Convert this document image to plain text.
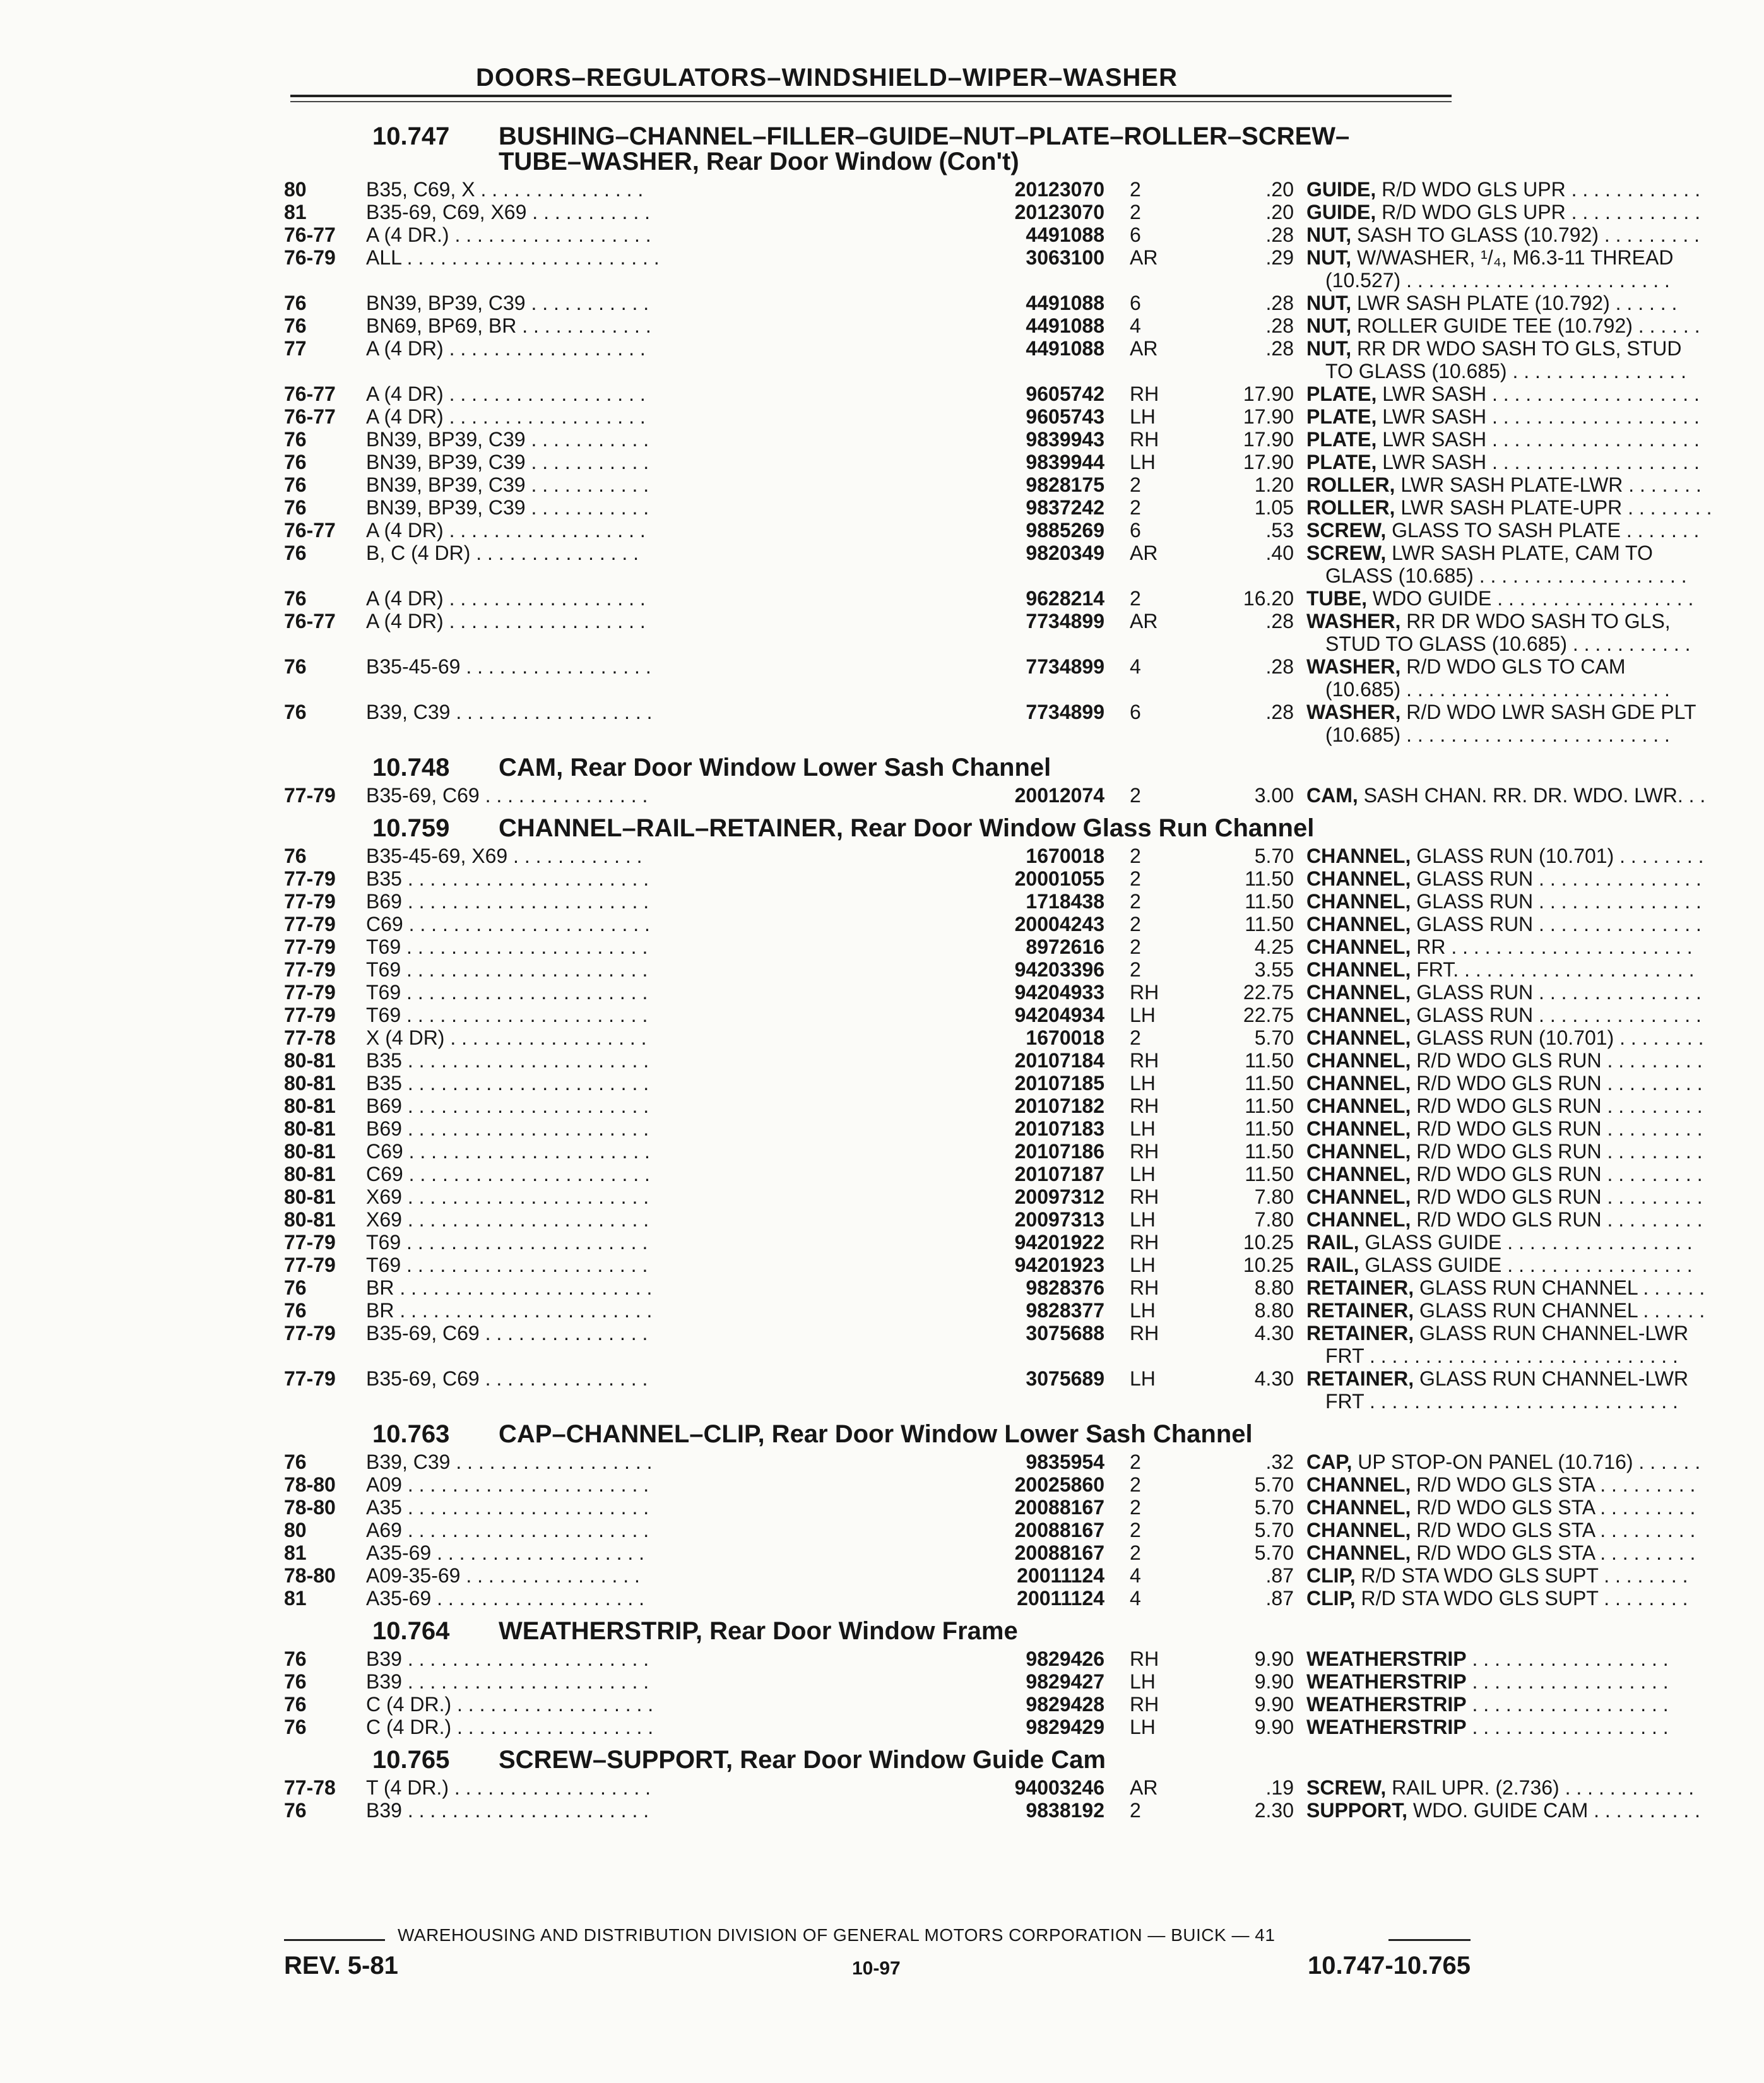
DOORS–REGULATORS–WINDSHIELD–WIPER–WASHER
10.747 BUSHING–CHANNEL–FILLER–GUIDE–NUT–PLATE–ROLLER–SCREW–
TUBE–WASHER, Rear Door Window (Con't)
80	B35, C69, X . . . . . . . . . . . . . . .	20123070 2	.20 GUIDE, R/D WDO GLS UPR . . . . . . . . . . . .
81	B35-69, C69, X69 . . . . . . . . . . .	20123070 2	.20 GUIDE, R/D WDO GLS UPR . . . . . . . . . . . .
76-77 A (4 DR.) . . . . . . . . . . . . . . . . . .	4491088 6	.28 NUT, SASH TO GLASS (10.792) . . . . . . . . .
76-79 ALL . . . . . . . . . . . . . . . . . . . . . . .	3063100 AR	.29 NUT, W/WASHER, ¹/₄, M6.3-11 THREAD
(10.527) . . . . . . . . . . . . . . . . . . . . . . . .
76	BN39, BP39, C39 . . . . . . . . . . .	4491088 6	.28 NUT, LWR SASH PLATE (10.792) . . . . . .
76	BN69, BP69, BR . . . . . . . . . . . .	4491088 4	.28 NUT, ROLLER GUIDE TEE (10.792) . . . . . .
77	A (4 DR) . . . . . . . . . . . . . . . . . .	4491088 AR	.28 NUT, RR DR WDO SASH TO GLS, STUD
TO GLASS (10.685) . . . . . . . . . . . . . . . .
76-77 A (4 DR) . . . . . . . . . . . . . . . . . .	9605742 RH	17.90 PLATE, LWR SASH . . . . . . . . . . . . . . . . . . .
76-77 A (4 DR) . . . . . . . . . . . . . . . . . .	9605743 LH	17.90 PLATE, LWR SASH . . . . . . . . . . . . . . . . . . .
76	BN39, BP39, C39 . . . . . . . . . . .	9839943 RH	17.90 PLATE, LWR SASH . . . . . . . . . . . . . . . . . . .
76	BN39, BP39, C39 . . . . . . . . . . .	9839944 LH	17.90 PLATE, LWR SASH . . . . . . . . . . . . . . . . . . .
76	BN39, BP39, C39 . . . . . . . . . . .	9828175 2	1.20 ROLLER, LWR SASH PLATE-LWR . . . . . . .
76	BN39, BP39, C39 . . . . . . . . . . .	9837242 2	1.05 ROLLER, LWR SASH PLATE-UPR . . . . . . . .
76-77 A (4 DR) . . . . . . . . . . . . . . . . . .	9885269 6	.53 SCREW, GLASS TO SASH PLATE . . . . . . .
76	B, C (4 DR) . . . . . . . . . . . . . . .	9820349 AR	.40 SCREW, LWR SASH PLATE, CAM TO
GLASS (10.685) . . . . . . . . . . . . . . . . . . .
76	A (4 DR) . . . . . . . . . . . . . . . . . .	9628214 2	16.20 TUBE, WDO GUIDE . . . . . . . . . . . . . . . . . .
76-77 A (4 DR) . . . . . . . . . . . . . . . . . .	7734899 AR	.28 WASHER, RR DR WDO SASH TO GLS,
STUD TO GLASS (10.685) . . . . . . . . . . .
76	B35-45-69 . . . . . . . . . . . . . . . . .	7734899 4	.28 WASHER, R/D WDO GLS TO CAM
(10.685) . . . . . . . . . . . . . . . . . . . . . . . .
76	B39, C39 . . . . . . . . . . . . . . . . . .	7734899 6	.28 WASHER, R/D WDO LWR SASH GDE PLT
(10.685) . . . . . . . . . . . . . . . . . . . . . . . .
10.748 CAM, Rear Door Window Lower Sash Channel
77-79 B35-69, C69 . . . . . . . . . . . . . . .	20012074 2	3.00 CAM, SASH CHAN. RR. DR. WDO. LWR. . .
10.759 CHANNEL–RAIL–RETAINER, Rear Door Window Glass Run Channel
76	B35-45-69, X69 . . . . . . . . . . . .	1670018 2	5.70 CHANNEL, GLASS RUN (10.701) . . . . . . . .
77-79 B35 . . . . . . . . . . . . . . . . . . . . . .	20001055 2	11.50 CHANNEL, GLASS RUN . . . . . . . . . . . . . . .
77-79 B69 . . . . . . . . . . . . . . . . . . . . . .	1718438 2	11.50 CHANNEL, GLASS RUN . . . . . . . . . . . . . . .
77-79 C69 . . . . . . . . . . . . . . . . . . . . . .	20004243 2	11.50 CHANNEL, GLASS RUN . . . . . . . . . . . . . . .
77-79 T69 . . . . . . . . . . . . . . . . . . . . . .	8972616 2	4.25 CHANNEL, RR . . . . . . . . . . . . . . . . . . . . . .
77-79 T69 . . . . . . . . . . . . . . . . . . . . . .	94203396 2	3.55 CHANNEL, FRT. . . . . . . . . . . . . . . . . . . . . .
77-79 T69 . . . . . . . . . . . . . . . . . . . . . .	94204933 RH	22.75 CHANNEL, GLASS RUN . . . . . . . . . . . . . . .
77-79 T69 . . . . . . . . . . . . . . . . . . . . . .	94204934 LH	22.75 CHANNEL, GLASS RUN . . . . . . . . . . . . . . .
77-78 X (4 DR) . . . . . . . . . . . . . . . . . .	1670018 2	5.70 CHANNEL, GLASS RUN (10.701) . . . . . . . .
80-81 B35 . . . . . . . . . . . . . . . . . . . . . .	20107184 RH	11.50 CHANNEL, R/D WDO GLS RUN . . . . . . . . .
80-81 B35 . . . . . . . . . . . . . . . . . . . . . .	20107185 LH	11.50 CHANNEL, R/D WDO GLS RUN . . . . . . . . .
80-81 B69 . . . . . . . . . . . . . . . . . . . . . .	20107182 RH	11.50 CHANNEL, R/D WDO GLS RUN . . . . . . . . .
80-81 B69 . . . . . . . . . . . . . . . . . . . . . .	20107183 LH	11.50 CHANNEL, R/D WDO GLS RUN . . . . . . . . .
80-81 C69 . . . . . . . . . . . . . . . . . . . . . .	20107186 RH	11.50 CHANNEL, R/D WDO GLS RUN . . . . . . . . .
80-81 C69 . . . . . . . . . . . . . . . . . . . . . .	20107187 LH	11.50 CHANNEL, R/D WDO GLS RUN . . . . . . . . .
80-81 X69 . . . . . . . . . . . . . . . . . . . . . .	20097312 RH	7.80 CHANNEL, R/D WDO GLS RUN . . . . . . . . .
80-81 X69 . . . . . . . . . . . . . . . . . . . . . .	20097313 LH	7.80 CHANNEL, R/D WDO GLS RUN . . . . . . . . .
77-79 T69 . . . . . . . . . . . . . . . . . . . . . .	94201922 RH	10.25 RAIL, GLASS GUIDE . . . . . . . . . . . . . . . . .
77-79 T69 . . . . . . . . . . . . . . . . . . . . . .	94201923 LH	10.25 RAIL, GLASS GUIDE . . . . . . . . . . . . . . . . .
76	BR . . . . . . . . . . . . . . . . . . . . . . .	9828376 RH	8.80 RETAINER, GLASS RUN CHANNEL . . . . . .
76	BR . . . . . . . . . . . . . . . . . . . . . . .	9828377 LH	8.80 RETAINER, GLASS RUN CHANNEL . . . . . .
77-79 B35-69, C69 . . . . . . . . . . . . . . .	3075688 RH	4.30 RETAINER, GLASS RUN CHANNEL-LWR
FRT . . . . . . . . . . . . . . . . . . . . . . . . . . . .
77-79 B35-69, C69 . . . . . . . . . . . . . . .	3075689 LH	4.30 RETAINER, GLASS RUN CHANNEL-LWR
FRT . . . . . . . . . . . . . . . . . . . . . . . . . . . .
10.763 CAP–CHANNEL–CLIP, Rear Door Window Lower Sash Channel
76	B39, C39 . . . . . . . . . . . . . . . . . .	9835954 2	.32 CAP, UP STOP-ON PANEL (10.716) . . . . . .
78-80 A09 . . . . . . . . . . . . . . . . . . . . . .	20025860 2	5.70 CHANNEL, R/D WDO GLS STA . . . . . . . . .
78-80 A35 . . . . . . . . . . . . . . . . . . . . . .	20088167 2	5.70 CHANNEL, R/D WDO GLS STA . . . . . . . . .
80	A69 . . . . . . . . . . . . . . . . . . . . . .	20088167 2	5.70 CHANNEL, R/D WDO GLS STA . . . . . . . . .
81	A35-69 . . . . . . . . . . . . . . . . . . .	20088167 2	5.70 CHANNEL, R/D WDO GLS STA . . . . . . . . .
78-80 A09-35-69 . . . . . . . . . . . . . . . .	20011124 4	.87 CLIP, R/D STA WDO GLS SUPT . . . . . . . .
81	A35-69 . . . . . . . . . . . . . . . . . . .	20011124 4	.87 CLIP, R/D STA WDO GLS SUPT . . . . . . . .
10.764 WEATHERSTRIP, Rear Door Window Frame
76	B39 . . . . . . . . . . . . . . . . . . . . . .	9829426 RH	9.90 WEATHERSTRIP . . . . . . . . . . . . . . . . . .
76	B39 . . . . . . . . . . . . . . . . . . . . . .	9829427 LH	9.90 WEATHERSTRIP . . . . . . . . . . . . . . . . . .
76	C (4 DR.) . . . . . . . . . . . . . . . . . .	9829428 RH	9.90 WEATHERSTRIP . . . . . . . . . . . . . . . . . .
76	C (4 DR.) . . . . . . . . . . . . . . . . . .	9829429 LH	9.90 WEATHERSTRIP . . . . . . . . . . . . . . . . . .
10.765 SCREW–SUPPORT, Rear Door Window Guide Cam
77-78 T (4 DR.) . . . . . . . . . . . . . . . . . .	94003246 AR	.19 SCREW, RAIL UPR. (2.736) . . . . . . . . . . . .
76	B39 . . . . . . . . . . . . . . . . . . . . . .	9838192 2	2.30 SUPPORT, WDO. GUIDE CAM . . . . . . . . . .
WAREHOUSING AND DISTRIBUTION DIVISION OF GENERAL MOTORS CORPORATION — BUICK — 41
REV. 5-81	10-97	10.747-10.765
